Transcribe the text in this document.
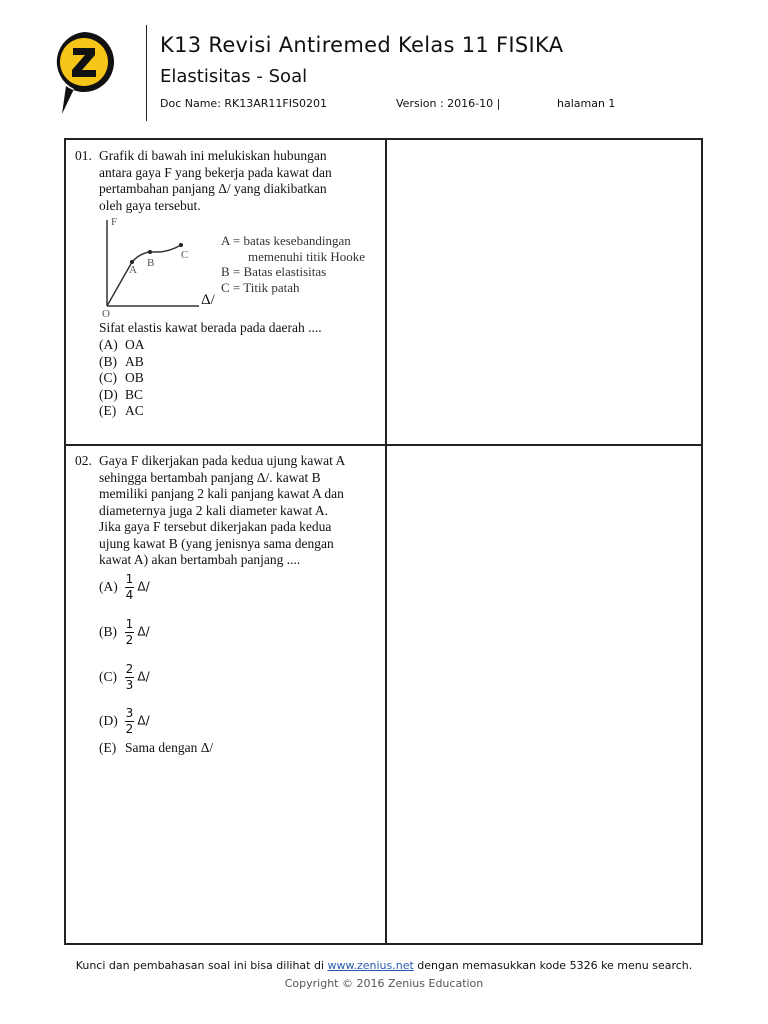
K13 Revisi Antiremed Kelas 11 FISIKA
Elastisitas - Soal
Doc Name: RK13AR11FIS0201	Version : 2016-10 |	halaman 1
01. Grafik di bawah ini melukiskan hubungan
antara gaya F yang bekerja pada kawat dan
pertambahan panjang Δ/ yang diakibatkan
oleh gaya tersebut.
F
Δ/
O
A
B
C
A = batas kesebandingan
memenuhi titik Hooke
B = Batas elastisitas
C = Titik patah
Sifat elastis kawat berada pada daerah ....
(A) OA
(B) AB
(C) OB
(D) BC
(E) AC
02. Gaya F dikerjakan pada kedua ujung kawat A
sehingga bertambah panjang Δ/. kawat B
memiliki panjang 2 kali panjang kawat A dan
diameternya juga 2 kali diameter kawat A.
Jika gaya F tersebut dikerjakan pada kedua
ujung kawat B (yang jenisnya sama dengan
kawat A) akan bertambah panjang ....
$(A) \frac{1}{4} \Delta/$
$(B) \frac{1}{2} \Delta/$
$(C) \frac{2}{3} \Delta/$
$(D) \frac{3}{2} \Delta/$
(E) Sama dengan Δ/
Kunci dan pembahasan soal ini bisa dilihat di www.zenius.net dengan memasukkan kode 5326 ke menu search.
Copyright © 2016 Zenius Education
